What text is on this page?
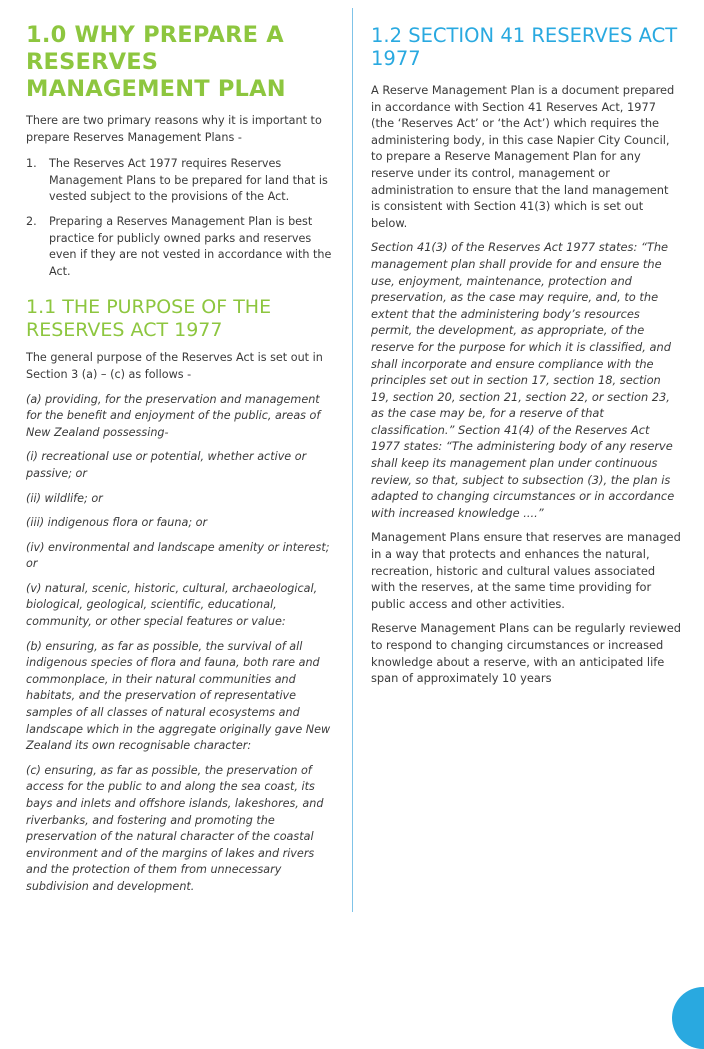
1.0 WHY PREPARE A RESERVES MANAGEMENT PLAN

There are two primary reasons why it is important to prepare Reserves Management Plans -

1. The Reserves Act 1977 requires Reserves Management Plans to be prepared for land that is vested subject to the provisions of the Act.
2. Preparing a Reserves Management Plan is best practice for publicly owned parks and reserves even if they are not vested in accordance with the Act.
1.1 THE PURPOSE OF THE RESERVES ACT 1977

The general purpose of the Reserves Act is set out in Section 3 (a) – (c) as follows -

(a) providing, for the preservation and management for the benefit and enjoyment of the public, areas of New Zealand possessing-

(i) recreational use or potential, whether active or passive; or

(ii) wildlife; or

(iii) indigenous flora or fauna; or

(iv) environmental and landscape amenity or interest; or

(v) natural, scenic, historic, cultural, archaeological, biological, geological, scientific, educational, community, or other special features or value:

(b) ensuring, as far as possible, the survival of all indigenous species of flora and fauna, both rare and commonplace, in their natural communities and habitats, and the preservation of representative samples of all classes of natural ecosystems and landscape which in the aggregate originally gave New Zealand its own recognisable character:

(c) ensuring, as far as possible, the preservation of access for the public to and along the sea coast, its bays and inlets and offshore islands, lakeshores, and riverbanks, and fostering and promoting the preservation of the natural character of the coastal environment and of the margins of lakes and rivers and the protection of them from unnecessary subdivision and development.

1.2 SECTION 41 RESERVES ACT 1977

A Reserve Management Plan is a document prepared in accordance with Section 41 Reserves Act, 1977 (the ‘Reserves Act’ or ‘the Act’) which requires the administering body, in this case Napier City Council, to prepare a Reserve Management Plan for any reserve under its control, management or administration to ensure that the land management is consistent with Section 41(3) which is set out below.

Section 41(3) of the Reserves Act 1977 states: “The management plan shall provide for and ensure the use, enjoyment, maintenance, protection and preservation, as the case may require, and, to the extent that the administering body’s resources permit, the development, as appropriate, of the reserve for the purpose for which it is classified, and shall incorporate and ensure compliance with the principles set out in section 17, section 18, section 19, section 20, section 21, section 22, or section 23, as the case may be, for a reserve of that classification.” Section 41(4) of the Reserves Act 1977 states: “The administering body of any reserve shall keep its management plan under continuous review, so that, subject to subsection (3), the plan is adapted to changing circumstances or in accordance with increased knowledge ....”

Management Plans ensure that reserves are managed in a way that protects and enhances the natural, recreation, historic and cultural values associated with the reserves, at the same time providing for public access and other activities.

Reserve Management Plans can be regularly reviewed to respond to changing circumstances or increased knowledge about a reserve, with an anticipated life span of approximately 10 years
